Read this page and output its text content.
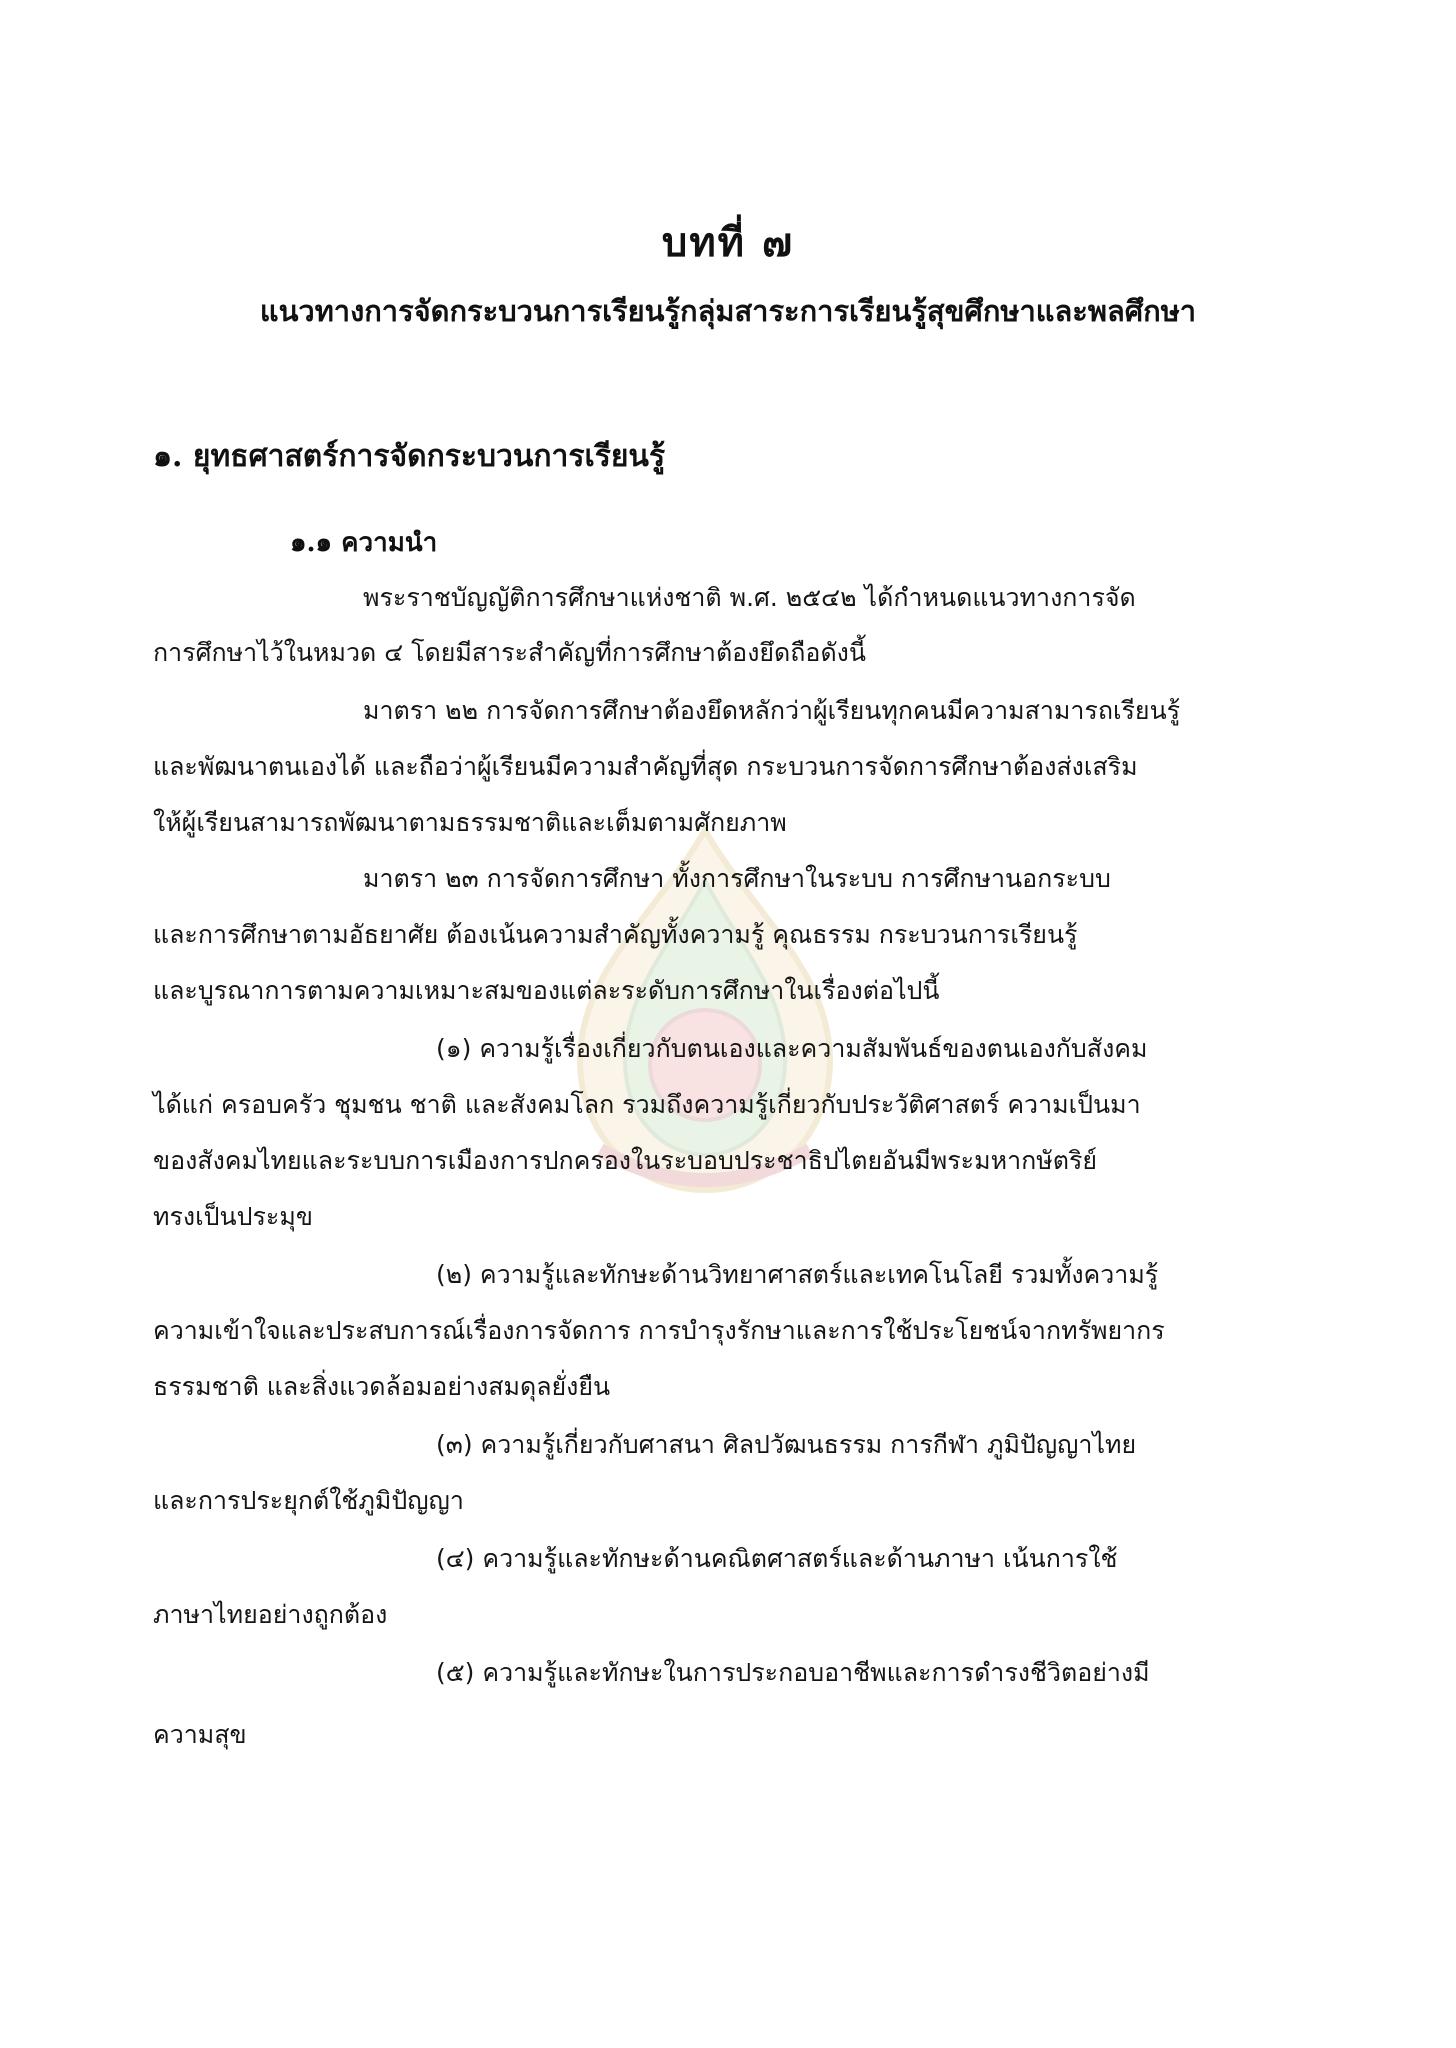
บทที่ ๗
แนวทางการจัดกระบวนการเรียนรู้กลุ่มสาระการเรียนรู้สุขศึกษาและพลศึกษา
๑. ยุทธศาสตร์การจัดกระบวนการเรียนรู้
๑.๑ ความนำ
พระราชบัญญัติการศึกษาแห่งชาติ พ.ศ. ๒๕๔๒ ได้กำหนดแนวทางการจัด
การศึกษาไว้ในหมวด ๔ โดยมีสาระสำคัญที่การศึกษาต้องยึดถือดังนี้
มาตรา ๒๒ การจัดการศึกษาต้องยึดหลักว่าผู้เรียนทุกคนมีความสามารถเรียนรู้
และพัฒนาตนเองได้ และถือว่าผู้เรียนมีความสำคัญที่สุด กระบวนการจัดการศึกษาต้องส่งเสริม
ให้ผู้เรียนสามารถพัฒนาตามธรรมชาติและเต็มตามศักยภาพ
มาตรา ๒๓ การจัดการศึกษา ทั้งการศึกษาในระบบ การศึกษานอกระบบ
และการศึกษาตามอัธยาศัย ต้องเน้นความสำคัญทั้งความรู้ คุณธรรม กระบวนการเรียนรู้
และบูรณาการตามความเหมาะสมของแต่ละระดับการศึกษาในเรื่องต่อไปนี้
(๑) ความรู้เรื่องเกี่ยวกับตนเองและความสัมพันธ์ของตนเองกับสังคม
ได้แก่ ครอบครัว ชุมชน ชาติ และสังคมโลก รวมถึงความรู้เกี่ยวกับประวัติศาสตร์ ความเป็นมา
ของสังคมไทยและระบบการเมืองการปกครองในระบอบประชาธิปไตยอันมีพระมหากษัตริย์
ทรงเป็นประมุข
(๒) ความรู้และทักษะด้านวิทยาศาสตร์และเทคโนโลยี รวมทั้งความรู้
ความเข้าใจและประสบการณ์เรื่องการจัดการ การบำรุงรักษาและการใช้ประโยชน์จากทรัพยากร
ธรรมชาติ และสิ่งแวดล้อมอย่างสมดุลยั่งยืน
(๓) ความรู้เกี่ยวกับศาสนา ศิลปวัฒนธรรม การกีฬา ภูมิปัญญาไทย
และการประยุกต์ใช้ภูมิปัญญา
(๔) ความรู้และทักษะด้านคณิตศาสตร์และด้านภาษา เน้นการใช้
ภาษาไทยอย่างถูกต้อง
(๕) ความรู้และทักษะในการประกอบอาชีพและการดำรงชีวิตอย่างมี
ความสุข
